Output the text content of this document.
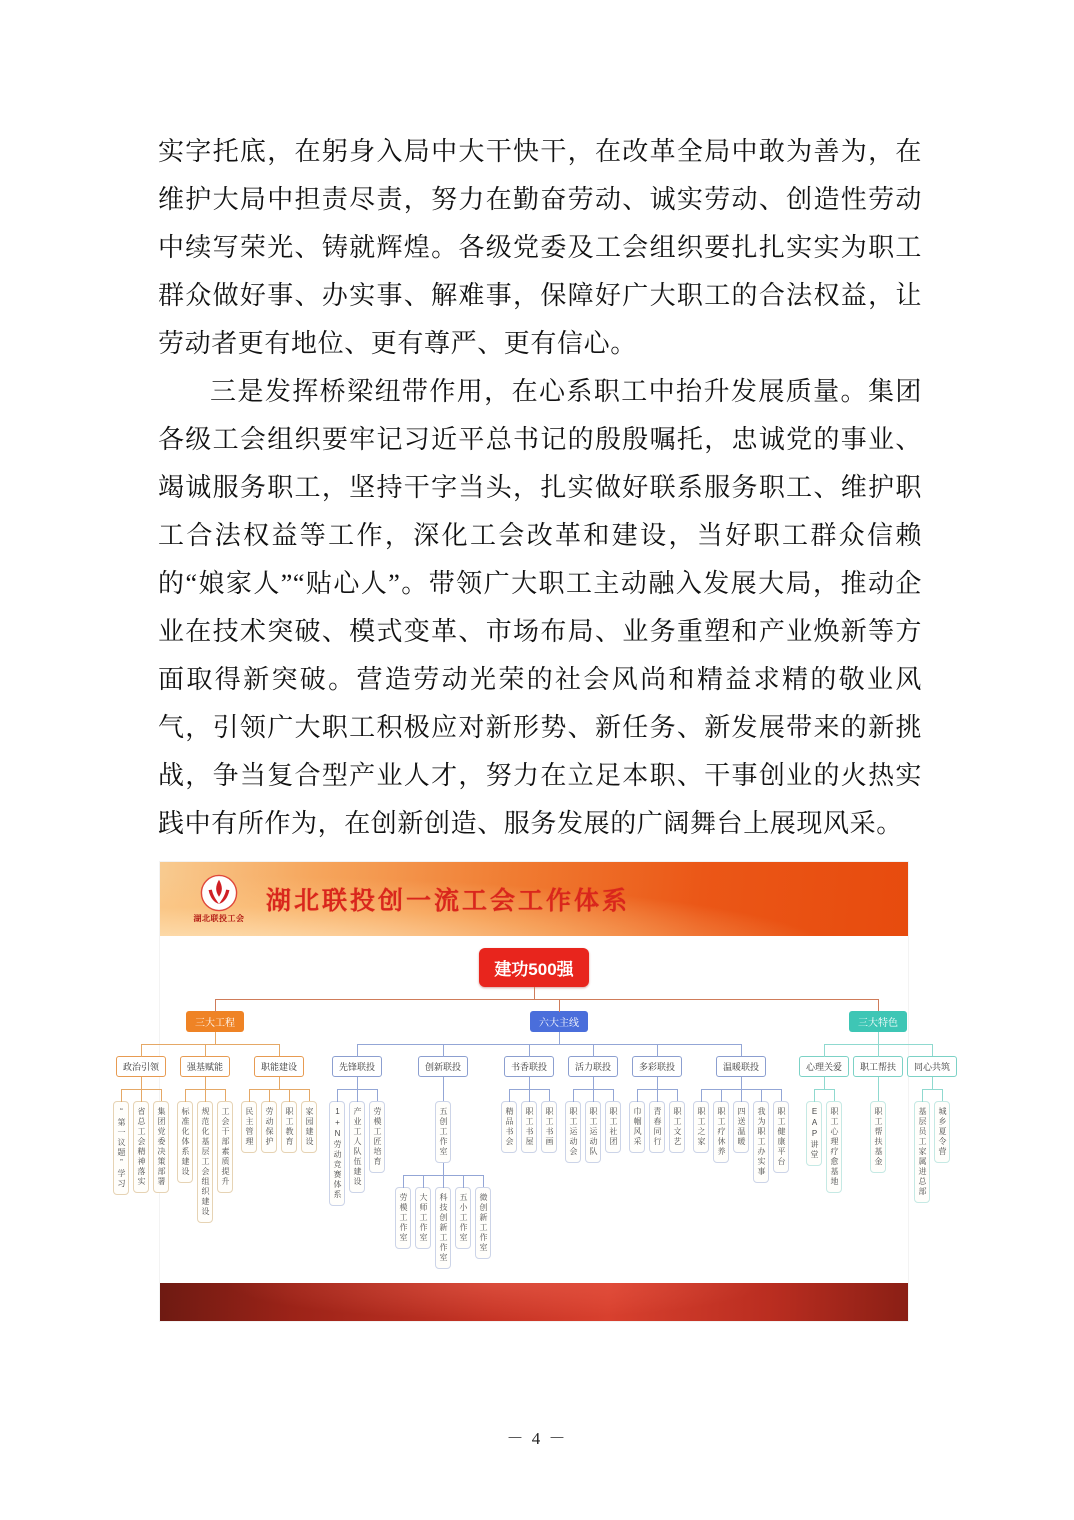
实字托底，在躬身入局中大干快干，在改革全局中敢为善为，在维护大局中担责尽责，努力在勤奋劳动、诚实劳动、创造性劳动中续写荣光、铸就辉煌。各级党委及工会组织要扎扎实实为职工群众做好事、办实事、解难事，保障好广大职工的合法权益，让劳动者更有地位、更有尊严、更有信心。

三是发挥桥梁纽带作用，在心系职工中抬升发展质量。集团各级工会组织要牢记习近平总书记的殷殷嘱托，忠诚党的事业、竭诚服务职工，坚持干字当头，扎实做好联系服务职工、维护职工合法权益等工作，深化工会改革和建设，当好职工群众信赖的“娘家人”“贴心人”。带领广大职工主动融入发展大局，推动企业在技术突破、模式变革、市场布局、业务重塑和产业焕新等方面取得新突破。营造劳动光荣的社会风尚和精益求精的敬业风气，引领广大职工积极应对新形势、新任务、新发展带来的新挑战，争当复合型产业人才，努力在立足本职、干事创业的火热实践中有所作为，在创新创造、服务发展的广阔舞台上展现风采。

湖北联投工会
湖北联投创一流工会工作体系
建功500强
三大工程
政治引领
“第一议题”学习	省总工会精神落实	集团党委决策部署
强基赋能
标准化体系建设	规范化基层工会组织建设	工会干部素质提升
职能建设
民主管理	劳动保护	职工教育	家园建设
六大主线
先锋联投
1+N劳动竞赛体系	产业工人队伍建设	劳模工匠培育
创新联投
五创工作室
劳模工作室	大师工作室	科技创新工作室	五小工作室	微创新工作室
书香联投
精品书会	职工书屋	职工书画
活力联投
职工运动会	职工运动队	职工社团
多彩联投
巾帼风采	青春同行	职工文艺
温暖联投
职工之家	职工疗休养	四送温暖	我为职工办实事	职工健康平台
三大特色
心理关爱
EAP讲堂	职工心理疗愈基地
职工帮扶
职工帮扶基金
同心共筑
基层员工家属进总部	城乡夏令营
－ 4 －
